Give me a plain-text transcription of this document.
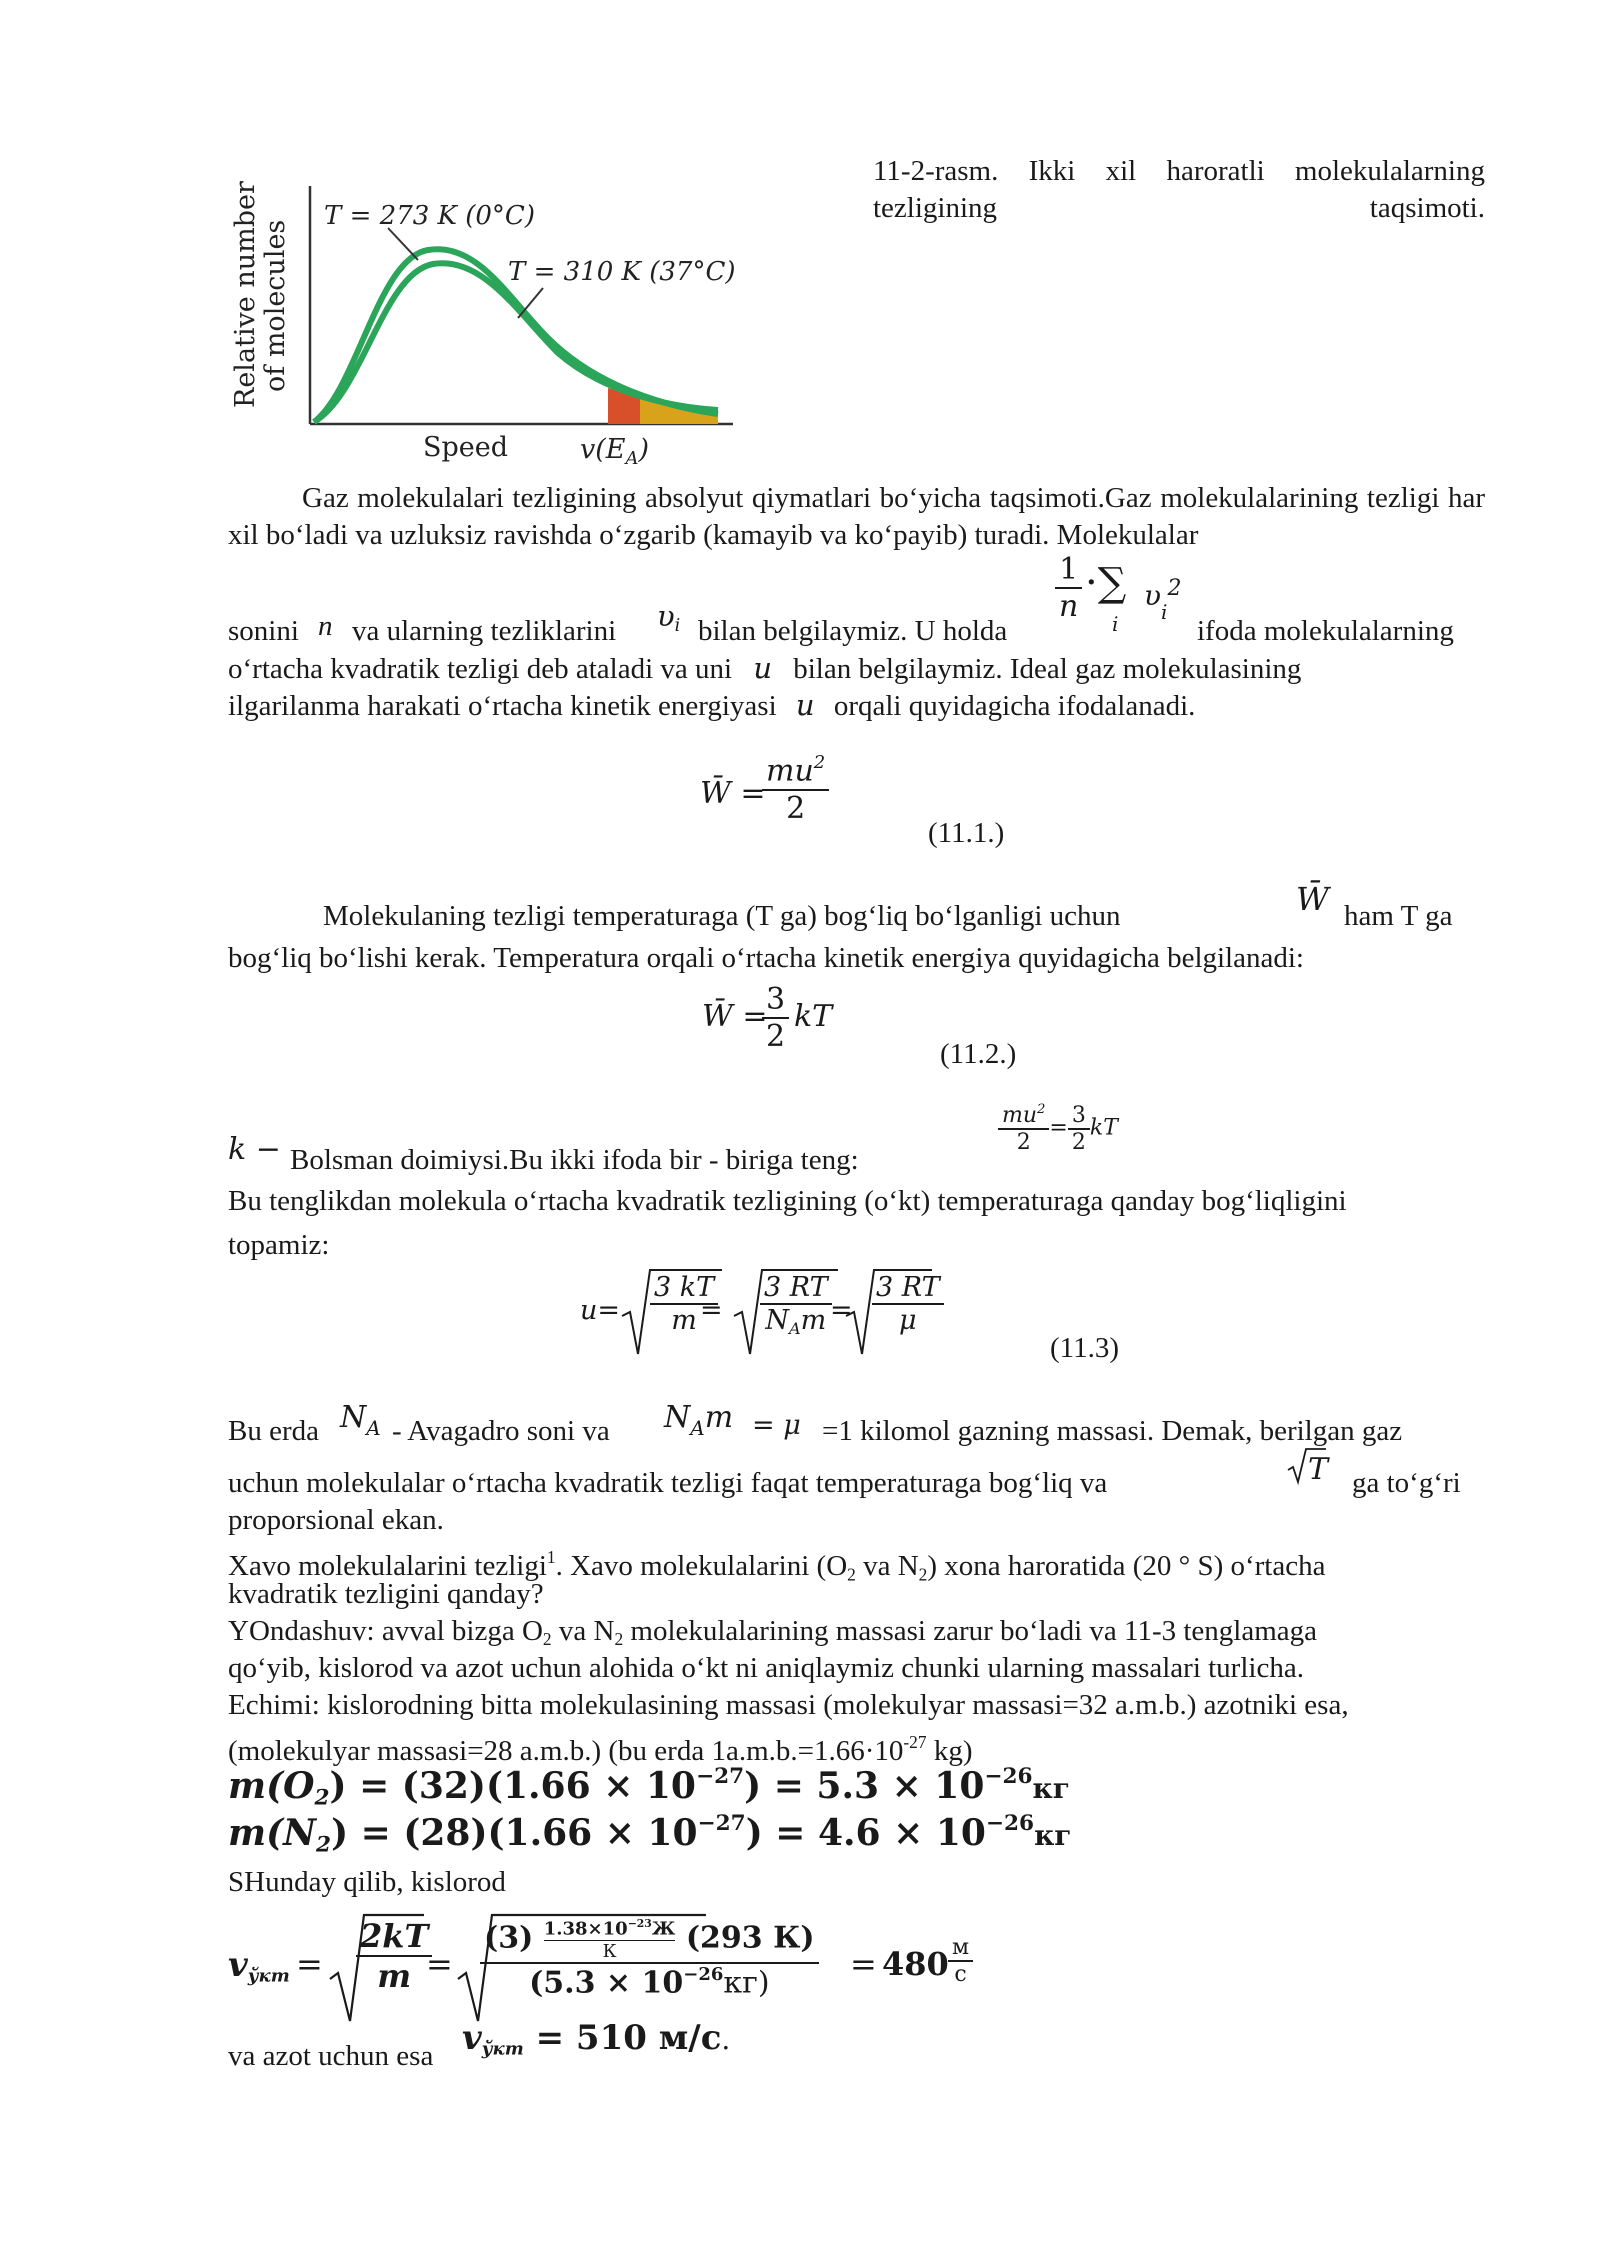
T = 273 K (0°C)
T = 310 K (37°C)
Relative number of molecules
Speed	$v(E_A)$
11-2-rasm. Ikki xil haroratli molekulalarning tezligining taqsimoti.
Gaz molekulalari tezligining absolyut qiymatlari bo‘yicha taqsimoti.Gaz molekulalarining tezligi har xil bo‘ladi va uzluksiz ravishda o‘zgarib (kamayib va ko‘payib) turadi. Molekulalar
sonini n va ularning tezliklarini $\upsilon_i$ bilan belgilaymiz. U holda
$\frac{1}{n}$ ·∑
i
$\upsilon_i^2$
ifoda molekulalarning
o‘rtacha kvadratik tezligi deb ataladi va uni u bilan belgilaymiz. Ideal gaz molekulasining
ilgarilanma harakati o‘rtacha kinetik energiyasi u orqali quyidagicha ifodalanadi.
W̄ =
$\frac{mu^2}{2}$
(11.1.)
Molekulaning tezligi temperaturaga (T ga) bog‘liq bo‘lganligi uchun	W̄ ham T ga
bog‘liq bo‘lishi kerak. Temperatura orqali o‘rtacha kinetik energiya quyidagicha belgilanadi:
W̄ =
$\frac{3}{2}$ kT
(11.2.)
k − Bolsman doimiysi.Bu ikki ifoda bir - biriga teng:
$\frac{mu^2}{2} = \frac{3}{2}$ kT
Bu tenglikdan molekula o‘rtacha kvadratik tezligining (o‘kt) temperaturaga qanday bog‘liqligini
topamiz:
$u= \frac{3 kT}{m}$
= $\frac{3 RT}{N_Am}$
= $\frac{3 RT}{\mu}$
(11.3)
Bu erda $N_A$ - Avagadro soni va $N_Am = \mu =1$ kilomol gazning massasi. Demak, berilgan gaz
uchun molekulalar o‘rtacha kvadratik tezligi faqat temperaturaga bog‘liq va	T ga to‘g‘ri
proporsional ekan.
Xavo molekulalarini tezligi$^1$. Xavo molekulalarini ($O_2$ va $N_2$) xona haroratida (20 ° S) o‘rtacha
kvadratik tezligini qanday?
YOndashuv: avval bizga $O_2$ va $N_2$ molekulalarining massasi zarur bo‘ladi va 11-3 tenglamaga
qo‘yib, kislorod va azot uchun alohida o‘kt ni aniqlaymiz chunki ularning massalari turlicha.
Echimi: kislorodning bitta molekulasining massasi (molekulyar massasi=32 a.m.b.) azotniki esa,
(molekulyar massasi=28 a.m.b.) (bu erda $1a.m.b.=1.66\cdot 10^{-27}$ kg)
$m(O_2) = (32)(1.66 \times 10^{-27}) = 5.3 \times 10^{-26}кг$
$m(N_2) = (28)(1.66 \times 10^{-27}) = 4.6 \times 10^{-26}кг$
SHunday qilib, kislorod
$v_{ўкт} = \frac{2kT}{m}$
= (3) $1.38\times 10^{-23}Ж$
К	(293 К)
$(5.3 \times 10^{-26}кг) = 480 \frac{м}{с}$
va azot uchun esa $v_{ўкт} = 510$ м/с.
